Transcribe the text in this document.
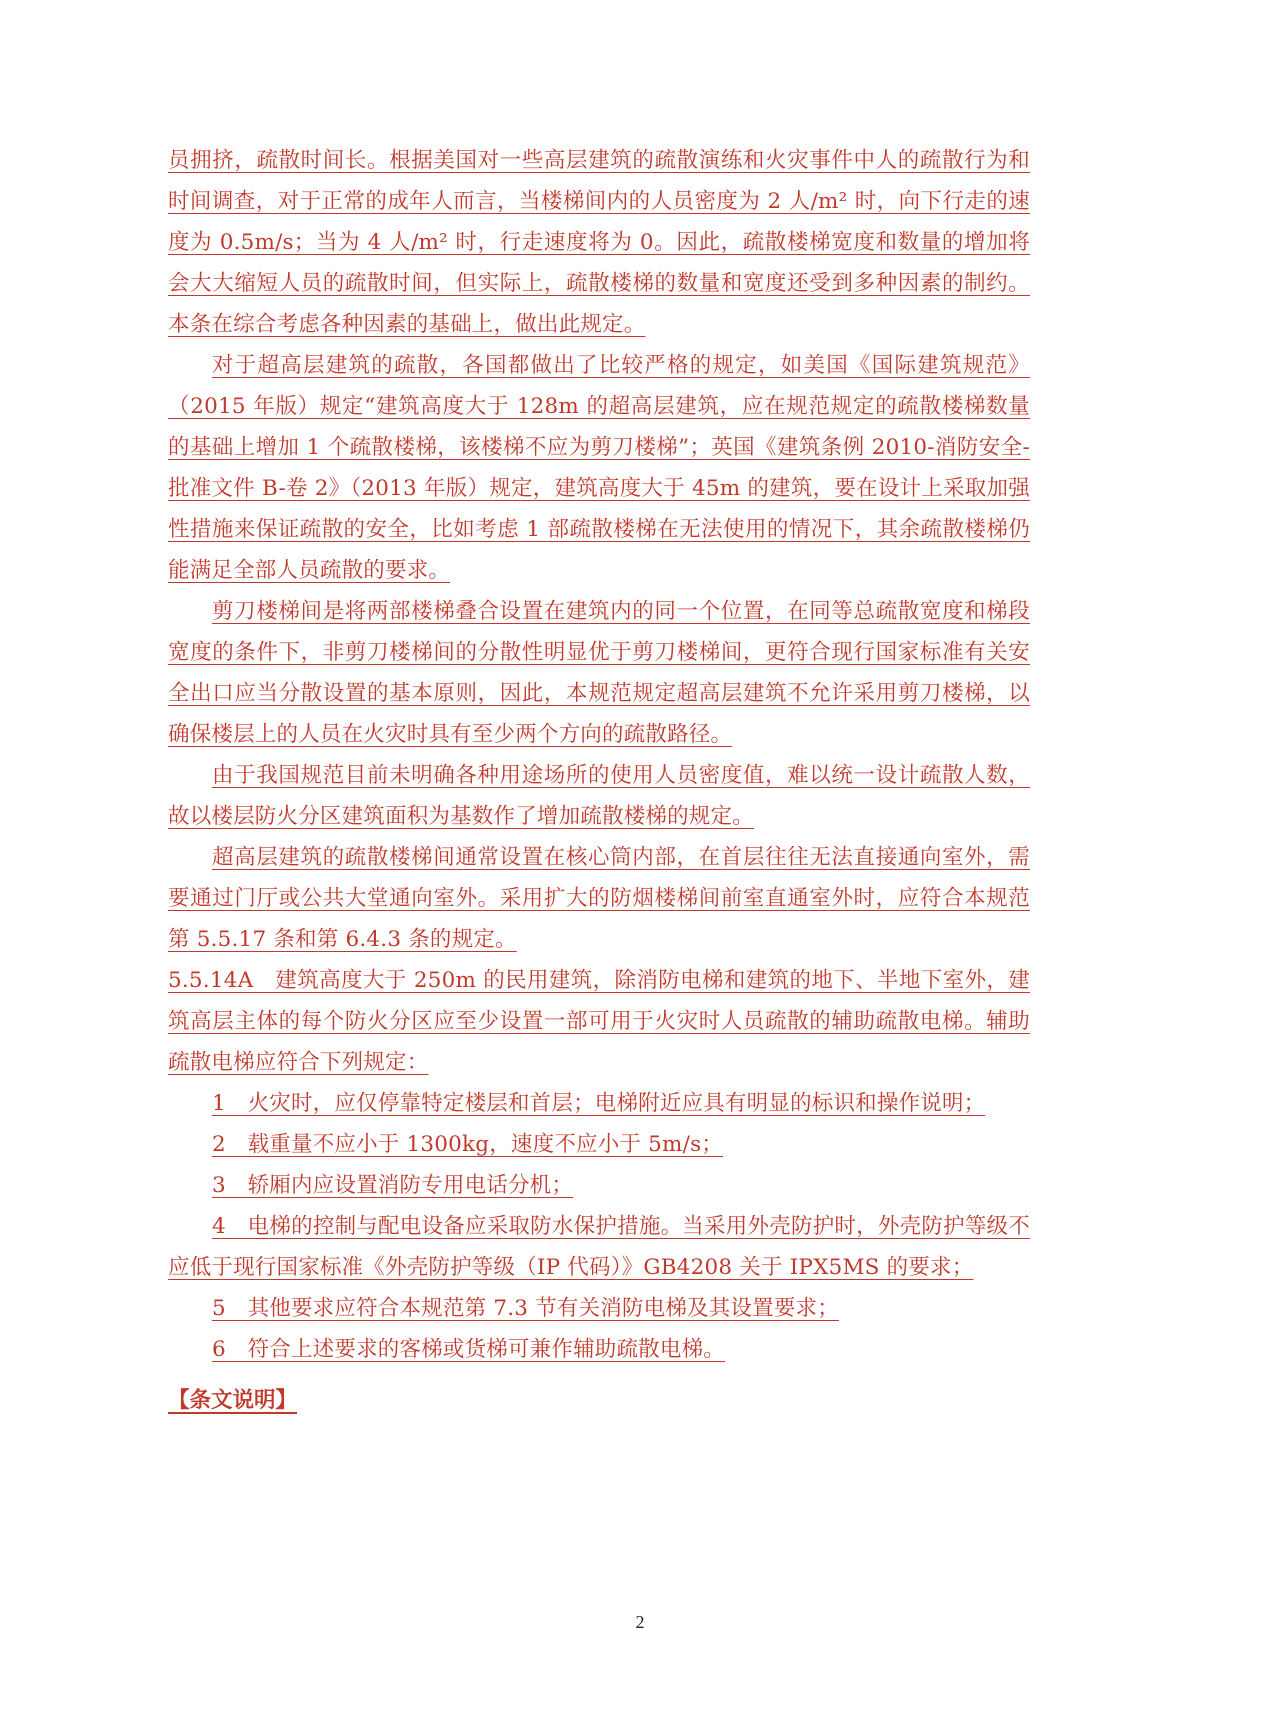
员拥挤，疏散时间长。根据美国对一些高层建筑的疏散演练和火灾事件中人的疏散行为和时间调查，对于正常的成年人而言，当楼梯间内的人员密度为 2 人/m² 时，向下行走的速度为 0.5m/s；当为 4 人/m² 时，行走速度将为 0。因此，疏散楼梯宽度和数量的增加将会大大缩短人员的疏散时间，但实际上，疏散楼梯的数量和宽度还受到多种因素的制约。本条在综合考虑各种因素的基础上，做出此规定。

对于超高层建筑的疏散，各国都做出了比较严格的规定，如美国《国际建筑规范》（2015 年版）规定“建筑高度大于 128m 的超高层建筑，应在规范规定的疏散楼梯数量的基础上增加 1 个疏散楼梯，该楼梯不应为剪刀楼梯”；英国《建筑条例 2010-消防安全-批准文件 B-卷 2》（2013 年版）规定，建筑高度大于 45m 的建筑，要在设计上采取加强性措施来保证疏散的安全，比如考虑 1 部疏散楼梯在无法使用的情况下，其余疏散楼梯仍能满足全部人员疏散的要求。

剪刀楼梯间是将两部楼梯叠合设置在建筑内的同一个位置，在同等总疏散宽度和梯段宽度的条件下，非剪刀楼梯间的分散性明显优于剪刀楼梯间，更符合现行国家标准有关安全出口应当分散设置的基本原则，因此，本规范规定超高层建筑不允许采用剪刀楼梯，以确保楼层上的人员在火灾时具有至少两个方向的疏散路径。

由于我国规范目前未明确各种用途场所的使用人员密度值，难以统一设计疏散人数，故以楼层防火分区建筑面积为基数作了增加疏散楼梯的规定。

超高层建筑的疏散楼梯间通常设置在核心筒内部，在首层往往无法直接通向室外，需要通过门厅或公共大堂通向室外。采用扩大的防烟楼梯间前室直通室外时，应符合本规范第 5.5.17 条和第 6.4.3 条的规定。

5.5.14A　建筑高度大于 250m 的民用建筑，除消防电梯和建筑的地下、半地下室外，建筑高层主体的每个防火分区应至少设置一部可用于火灾时人员疏散的辅助疏散电梯。辅助疏散电梯应符合下列规定：

1　火灾时，应仅停靠特定楼层和首层；电梯附近应具有明显的标识和操作说明；

2　载重量不应小于 1300kg，速度不应小于 5m/s；

3　轿厢内应设置消防专用电话分机；

4　电梯的控制与配电设备应采取防水保护措施。当采用外壳防护时，外壳防护等级不应低于现行国家标准《外壳防护等级（IP 代码）》GB4208 关于 IPX5MS 的要求；

5　其他要求应符合本规范第 7.3 节有关消防电梯及其设置要求；

6　符合上述要求的客梯或货梯可兼作辅助疏散电梯。

【条文说明】

2
